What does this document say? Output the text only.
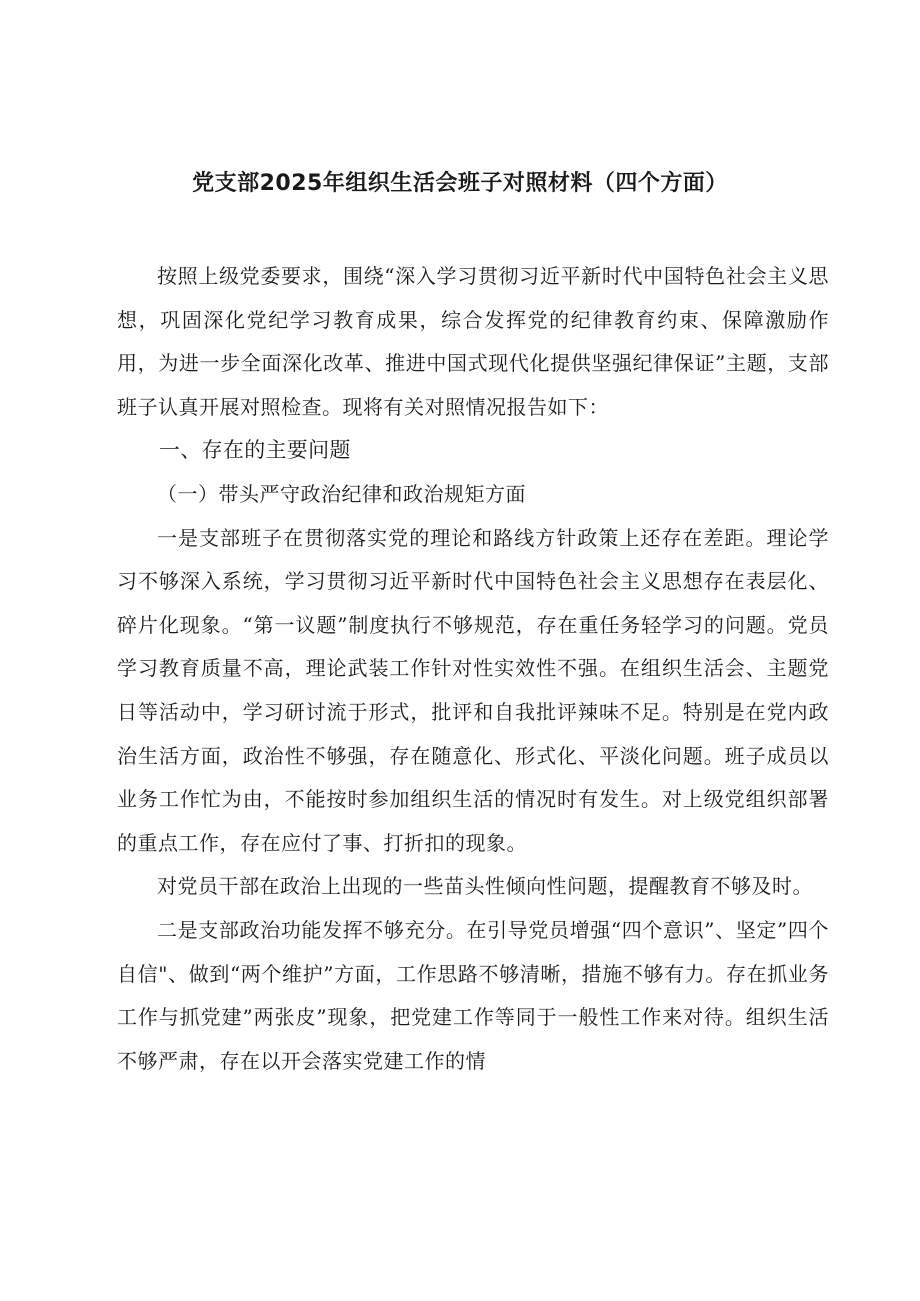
党支部2025年组织生活会班子对照材料（四个方面）

按照上级党委要求，围绕“深入学习贯彻习近平新时代中国特色社会主义思想，巩固深化党纪学习教育成果，综合发挥党的纪律教育约束、保障激励作用，为进一步全面深化改革、推进中国式现代化提供坚强纪律保证”主题，支部班子认真开展对照检查。现将有关对照情况报告如下：

一、存在的主要问题

（一）带头严守政治纪律和政治规矩方面

一是支部班子在贯彻落实党的理论和路线方针政策上还存在差距。理论学习不够深入系统，学习贯彻习近平新时代中国特色社会主义思想存在表层化、碎片化现象。“第一议题”制度执行不够规范，存在重任务轻学习的问题。党员学习教育质量不高，理论武装工作针对性实效性不强。在组织生活会、主题党日等活动中，学习研讨流于形式，批评和自我批评辣味不足。特别是在党内政治生活方面，政治性不够强，存在随意化、形式化、平淡化问题。班子成员以业务工作忙为由，不能按时参加组织生活的情况时有发生。对上级党组织部署的重点工作，存在应付了事、打折扣的现象。

对党员干部在政治上出现的一些苗头性倾向性问题，提醒教育不够及时。

二是支部政治功能发挥不够充分。在引导党员增强“四个意识”、坚定”四个自信"、做到“两个维护”方面，工作思路不够清晰，措施不够有力。存在抓业务工作与抓党建”两张皮”现象，把党建工作等同于一般性工作来对待。组织生活不够严肃，存在以开会落实党建工作的情
